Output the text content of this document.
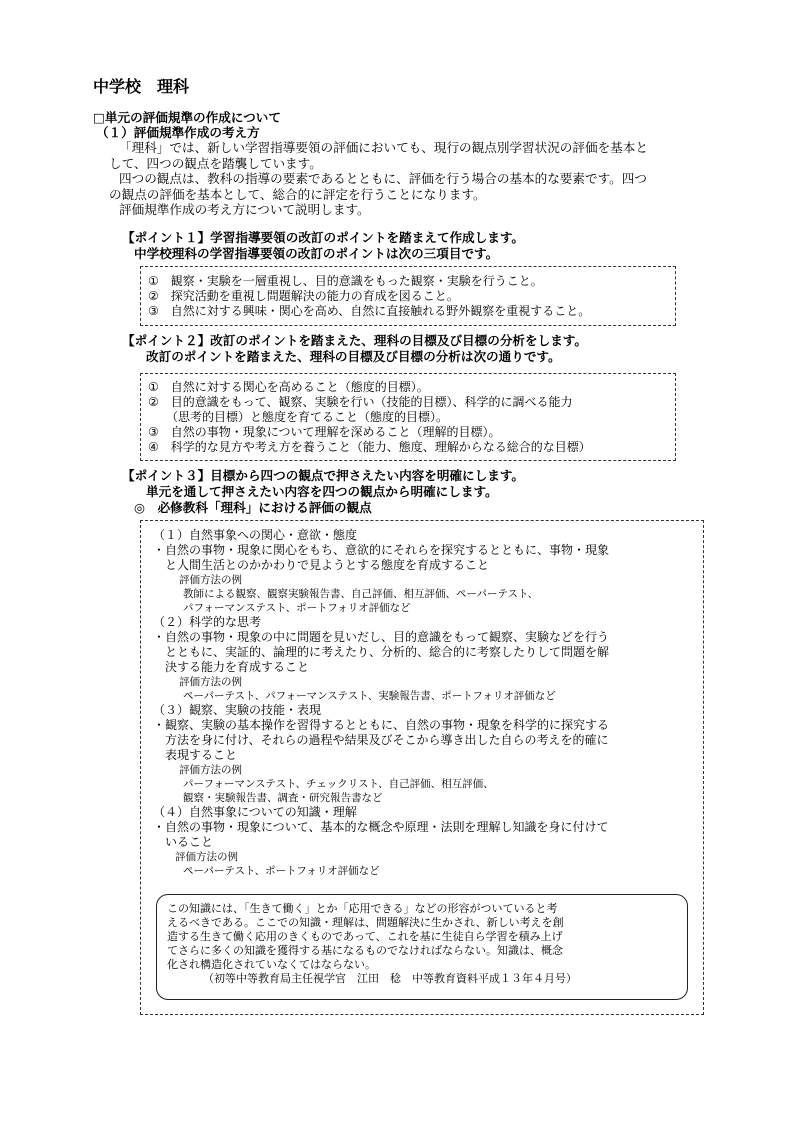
中学校　理科
□単元の評価規準の作成について
（１）評価規準作成の考え方
「理科」では、新しい学習指導要領の評価においても、現行の観点別学習状況の評価を基本と
して、四つの観点を踏襲しています。
四つの観点は、教科の指導の要素であるとともに、評価を行う場合の基本的な要素です。四つ
の観点の評価を基本として、総合的に評定を行うことになります。
評価規準作成の考え方について説明します。
【ポイント１】学習指導要領の改訂のポイントを踏まえて作成します。
中学校理科の学習指導要領の改訂のポイントは次の三項目です。
①　観察・実験を一層重視し、目的意識をもった観察・実験を行うこと。
②　探究活動を重視し問題解決の能力の育成を図ること。
③　自然に対する興味・関心を高め、自然に直接触れる野外観察を重視すること。
【ポイント２】改訂のポイントを踏まえた、理科の目標及び目標の分析をします。
改訂のポイントを踏まえた、理科の目標及び目標の分析は次の通りです。
①　自然に対する関心を高めること（態度的目標）。
②　目的意識をもって、観察、実験を行い（技能的目標）、科学的に調べる能力
　　（思考的目標）と態度を育てること（態度的目標）。
③　自然の事物・現象について理解を深めること（理解的目標）。
④　科学的な見方や考え方を養うこと（能力、態度、理解からなる総合的な目標）
【ポイント３】目標から四つの観点で押さえたい内容を明確にします。
単元を通して押さえたい内容を四つの観点から明確にします。
◎　必修教科「理科」における評価の観点
（１）自然事象への関心・意欲・態度
・自然の事物・現象に関心をもち、意欲的にそれらを探究するとともに、事物・現象
　と人間生活とのかかわりで見ようとする態度を育成すること
評価方法の例
教師による観察、観察実験報告書、自己評価、相互評価、ペーパーテスト、
パフォーマンステスト、ポートフォリオ評価など
（２）科学的な思考
・自然の事物・現象の中に問題を見いだし、目的意識をもって観察、実験などを行う
　とともに、実証的、論理的に考えたり、分析的、総合的に考察したりして問題を解
　決する能力を育成すること
評価方法の例
ペーパーテスト、パフォーマンステスト、実験報告書、ポートフォリオ評価など
（３）観察、実験の技能・表現
・観察、実験の基本操作を習得するとともに、自然の事物・現象を科学的に探究する
　方法を身に付け、それらの過程や結果及びそこから導き出した自らの考えを的確に
　表現すること
評価方法の例
パーフォーマンステスト、チェックリスト、自己評価、相互評価、
観察・実験報告書、調査・研究報告書など
（４）自然事象についての知識・理解
・自然の事物・現象について、基本的な概念や原理・法則を理解し知識を身に付けて
　いること
評価方法の例
ペーパーテスト、ポートフォリオ評価など
この知識には、「生きて働く」とか「応用できる」などの形容がついていると考
えるべきである。ここでの知識・理解は、問題解決に生かされ、新しい考えを創
造する生きて働く応用のきくものであって、これを基に生徒自ら学習を積み上げ
てさらに多くの知識を獲得する基になるものでなければならない。知識は、概念
化され構造化されていなくてはならない。
（初等中等教育局主任視学官　江田　稔　中等教育資料平成１３年４月号）
